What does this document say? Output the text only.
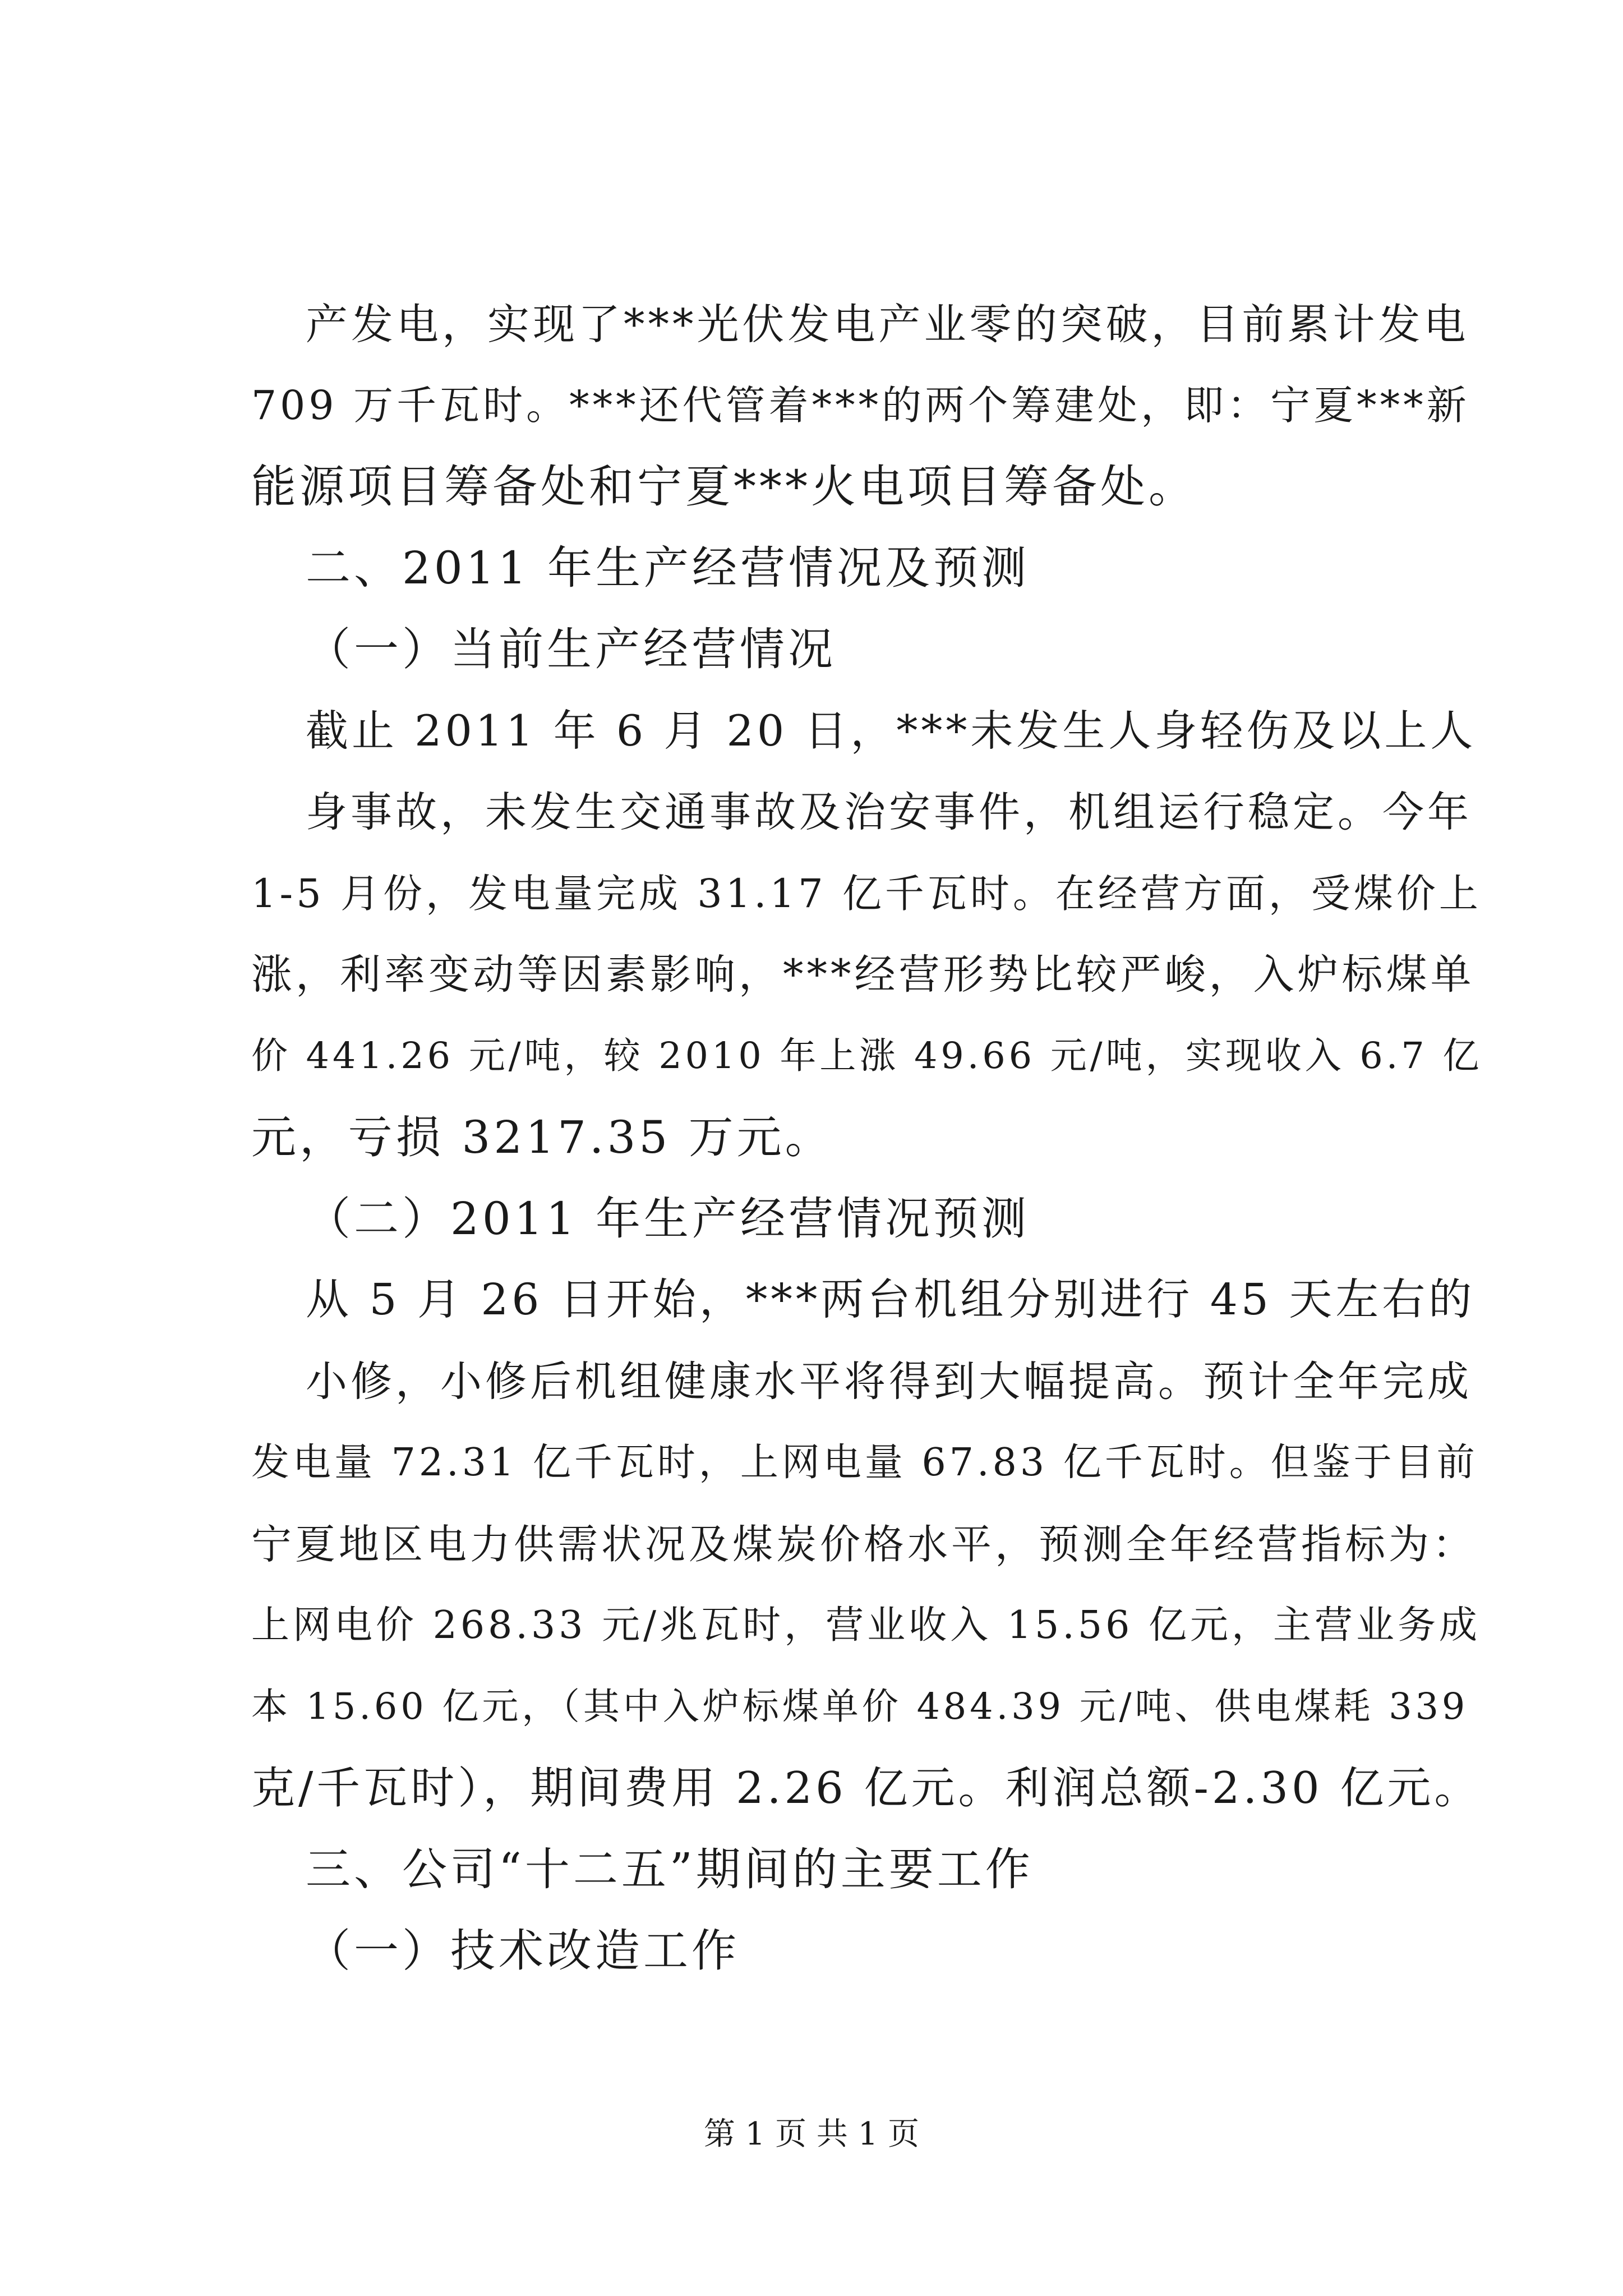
产发电，实现了***光伏发电产业零的突破，目前累计发电
709 万千瓦时。***还代管着***的两个筹建处，即：宁夏***新
能源项目筹备处和宁夏***火电项目筹备处。
二、2011 年生产经营情况及预测
（一）当前生产经营情况
截止 2011 年 6 月 20 日，***未发生人身轻伤及以上人
身事故，未发生交通事故及治安事件，机组运行稳定。今年
1-5 月份，发电量完成 31.17 亿千瓦时。在经营方面，受煤价上
涨，利率变动等因素影响，***经营形势比较严峻，入炉标煤单
价 441.26 元/吨，较 2010 年上涨 49.66 元/吨，实现收入 6.7 亿
元，亏损 3217.35 万元。
（二）2011 年生产经营情况预测
从 5 月 26 日开始，***两台机组分别进行 45 天左右的
小修，小修后机组健康水平将得到大幅提高。预计全年完成
发电量 72.31 亿千瓦时，上网电量 67.83 亿千瓦时。但鉴于目前
宁夏地区电力供需状况及煤炭价格水平，预测全年经营指标为：
上网电价 268.33 元/兆瓦时，营业收入 15.56 亿元，主营业务成
本 15.60 亿元，（其中入炉标煤单价 484.39 元/吨、供电煤耗 339
克/千瓦时），期间费用 2.26 亿元。利润总额-2.30 亿元。
三、公司“十二五”期间的主要工作
（一）技术改造工作
第 1 页 共 1 页
